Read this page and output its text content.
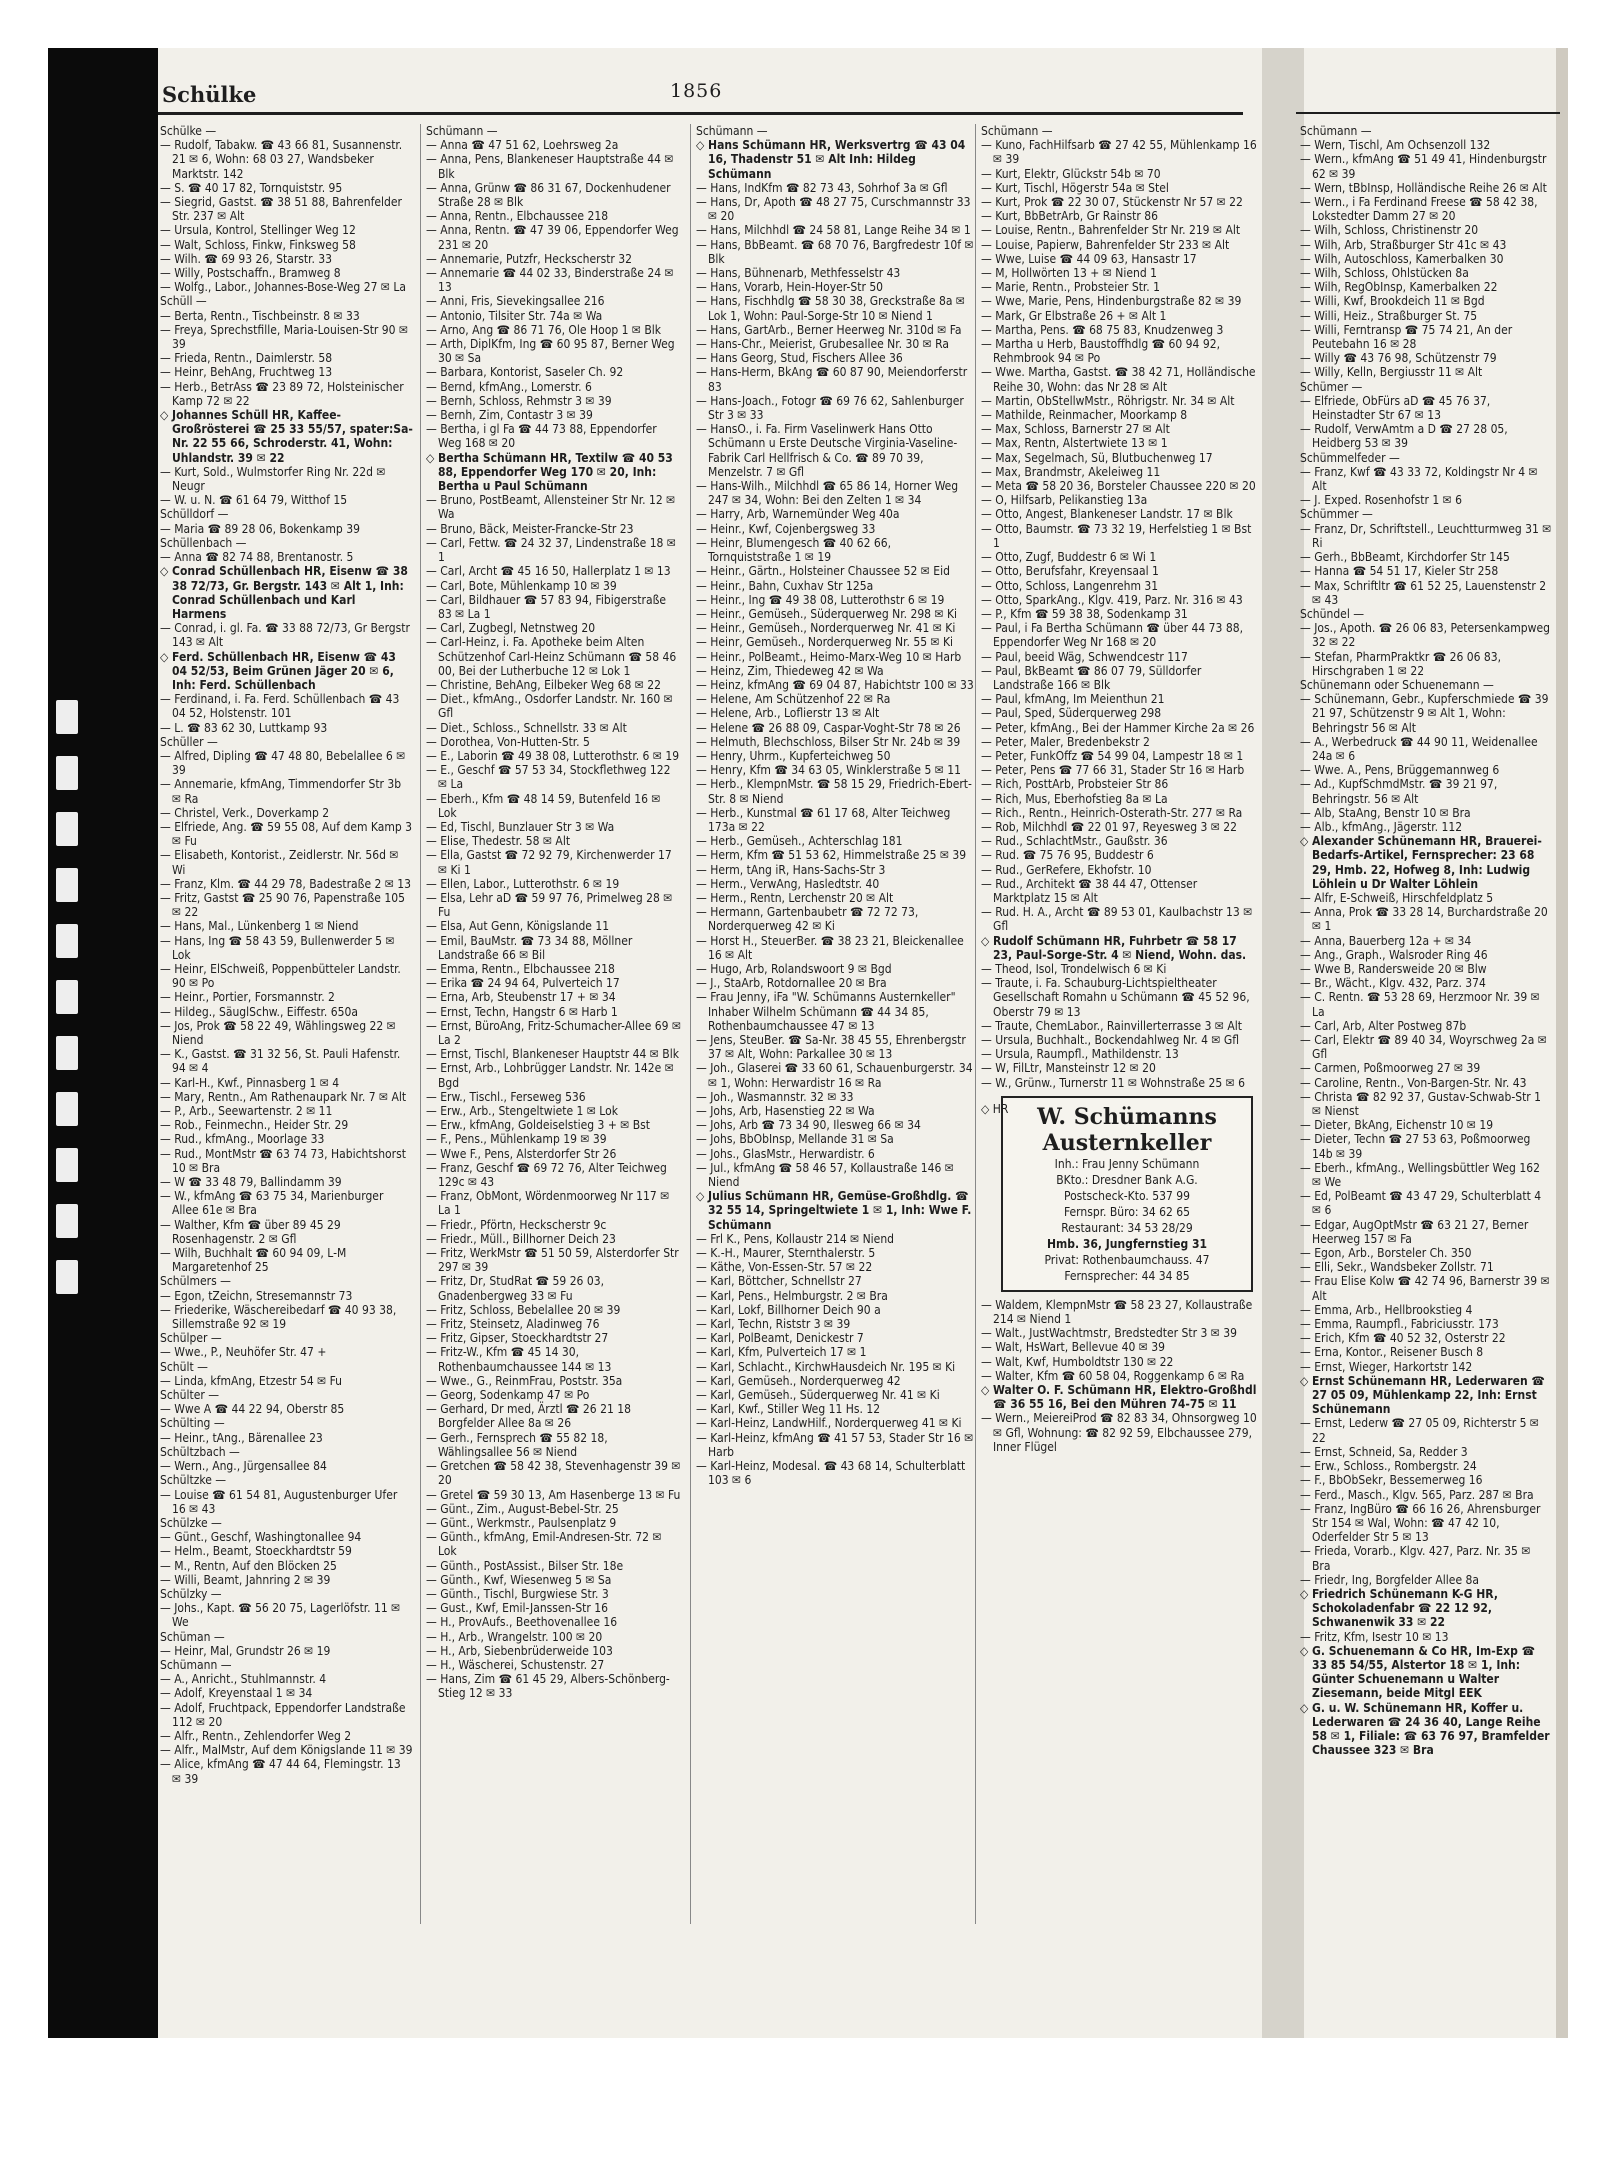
Schülke	1856
Schülke —
— Rudolf, Tabakw. ☎ 43 66 81, Susannenstr. 21 ✉ 6, Wohn: 68 03 27, Wandsbeker Marktstr. 142
— S. ☎ 40 17 82, Tornquiststr. 95
— Siegrid, Gastst. ☎ 38 51 88, Bahrenfelder Str. 237 ✉ Alt
— Ursula, Kontrol, Stellinger Weg 12
— Walt, Schloss, Finkw, Finksweg 58
— Wilh. ☎ 69 93 26, Starstr. 33
— Willy, Postschaffn., Bramweg 8
— Wolfg., Labor., Johannes-Bose-Weg 27 ✉ La
Schüll —
— Berta, Rentn., Tischbeinstr. 8 ✉ 33
— Freya, Sprechstfille, Maria-Louisen-Str 90 ✉ 39
— Frieda, Rentn., Daimlerstr. 58
— Heinr, BehAng, Fruchtweg 13
— Herb., BetrAss ☎ 23 89 72, Holsteinischer Kamp 72 ✉ 22
◇ Johannes Schüll HR, Kaffee-Großrösterei ☎ 25 33 55/57, spater:Sa-Nr. 22 55 66, Schroderstr. 41, Wohn: Uhlandstr. 39 ✉ 22
— Kurt, Sold., Wulmstorfer Ring Nr. 22d ✉ Neugr
— W. u. N. ☎ 61 64 79, Witthof 15
Schülldorf —
— Maria ☎ 89 28 06, Bokenkamp 39
Schüllenbach —
— Anna ☎ 82 74 88, Brentanostr. 5
◇ Conrad Schüllenbach HR, Eisenw ☎ 38 38 72/73, Gr. Bergstr. 143 ✉ Alt 1, Inh: Conrad Schüllenbach und Karl Harmens
— Conrad, i. gl. Fa. ☎ 33 88 72/73, Gr Bergstr 143 ✉ Alt
◇ Ferd. Schüllenbach HR, Eisenw ☎ 43 04 52/53, Beim Grünen Jäger 20 ✉ 6, Inh: Ferd. Schüllenbach
— Ferdinand, i. Fa. Ferd. Schüllenbach ☎ 43 04 52, Holstenstr. 101
— L. ☎ 83 62 30, Luttkamp 93
Schüller —
— Alfred, Dipling ☎ 47 48 80, Bebelallee 6 ✉ 39
— Annemarie, kfmAng, Timmendorfer Str 3b ✉ Ra
— Christel, Verk., Doverkamp 2
— Elfriede, Ang. ☎ 59 55 08, Auf dem Kamp 3 ✉ Fu
— Elisabeth, Kontorist., Zeidlerstr. Nr. 56d ✉ Wi
— Franz, Klm. ☎ 44 29 78, Badestraße 2 ✉ 13
— Fritz, Gastst ☎ 25 90 76, Papenstraße 105 ✉ 22
— Hans, Mal., Lünkenberg 1 ✉ Niend
— Hans, Ing ☎ 58 43 59, Bullenwerder 5 ✉ Lok
— Heinr, ElSchweiß, Poppenbütteler Landstr. 90 ✉ Po
— Heinr., Portier, Forsmannstr. 2
— Hildeg., SäuglSchw., Eiffestr. 650a
— Jos, Prok ☎ 58 22 49, Wählingsweg 22 ✉ Niend
— K., Gastst. ☎ 31 32 56, St. Pauli Hafenstr. 94 ✉ 4
— Karl-H., Kwf., Pinnasberg 1 ✉ 4
— Mary, Rentn., Am Rathenaupark Nr. 7 ✉ Alt
— P., Arb., Seewartenstr. 2 ✉ 11
— Rob., Feinmechn., Heider Str. 29
— Rud., kfmAng., Moorlage 33
— Rud., MontMstr ☎ 63 74 73, Habichtshorst 10 ✉ Bra
— W ☎ 33 48 79, Ballindamm 39
— W., kfmAng ☎ 63 75 34, Marienburger Allee 61e ✉ Bra
— Walther, Kfm ☎ über 89 45 29 Rosenhagenstr. 2 ✉ Gfl
— Wilh, Buchhalt ☎ 60 94 09, L-M Margaretenhof 25
Schülmers —
— Egon, tZeichn, Stresemannstr 73
— Friederike, Wäschereibedarf ☎ 40 93 38, Sillemstraße 92 ✉ 19
Schülper —
— Wwe., P., Neuhöfer Str. 47 +
Schült —
— Linda, kfmAng, Etzestr 54 ✉ Fu
Schülter —
— Wwe A ☎ 44 22 94, Oberstr 85
Schülting —
— Heinr., tAng., Bärenallee 23
Schültzbach —
— Wern., Ang., Jürgensallee 84
Schültzke —
— Louise ☎ 61 54 81, Augustenburger Ufer 16 ✉ 43
Schülzke —
— Günt., Geschf, Washingtonallee 94
— Helm., Beamt, Stoeckhardtstr 59
— M., Rentn, Auf den Blöcken 25
— Willi, Beamt, Jahnring 2 ✉ 39
Schülzky —
— Johs., Kapt. ☎ 56 20 75, Lagerlöfstr. 11 ✉ We
Schüman —
— Heinr, Mal, Grundstr 26 ✉ 19
Schümann —
— A., Anricht., Stuhlmannstr. 4
— Adolf, Kreyenstaal 1 ✉ 34
— Adolf, Fruchtpack, Eppendorfer Landstraße 112 ✉ 20
— Alfr., Rentn., Zehlendorfer Weg 2
— Alfr., MalMstr, Auf dem Königslande 11 ✉ 39
— Alice, kfmAng ☎ 47 44 64, Flemingstr. 13 ✉ 39
Schümann —
— Anna ☎ 47 51 62, Loehrsweg 2a
— Anna, Pens, Blankeneser Hauptstraße 44 ✉ Blk
— Anna, Grünw ☎ 86 31 67, Dockenhudener Straße 28 ✉ Blk
— Anna, Rentn., Elbchaussee 218
— Anna, Rentn. ☎ 47 39 06, Eppendorfer Weg 231 ✉ 20
— Annemarie, Putzfr, Heckscherstr 32
— Annemarie ☎ 44 02 33, Binderstraße 24 ✉ 13
— Anni, Fris, Sievekingsallee 216
— Antonio, Tilsiter Str. 74a ✉ Wa
— Arno, Ang ☎ 86 71 76, Ole Hoop 1 ✉ Blk
— Arth, DiplKfm, Ing ☎ 60 95 87, Berner Weg 30 ✉ Sa
— Barbara, Kontorist, Saseler Ch. 92
— Bernd, kfmAng., Lomerstr. 6
— Bernh, Schloss, Rehmstr 3 ✉ 39
— Bernh, Zim, Contastr 3 ✉ 39
— Bertha, i gl Fa ☎ 44 73 88, Eppendorfer Weg 168 ✉ 20
◇ Bertha Schümann HR, Textilw ☎ 40 53 88, Eppendorfer Weg 170 ✉ 20, Inh: Bertha u Paul Schümann
— Bruno, PostBeamt, Allensteiner Str Nr. 12 ✉ Wa
— Bruno, Bäck, Meister-Francke-Str 23
— Carl, Fettw. ☎ 24 32 37, Lindenstraße 18 ✉ 1
— Carl, Archt ☎ 45 16 50, Hallerplatz 1 ✉ 13
— Carl, Bote, Mühlenkamp 10 ✉ 39
— Carl, Bildhauer ☎ 57 83 94, Fibigerstraße 83 ✉ La 1
— Carl, Zugbegl, Netnstweg 20
— Carl-Heinz, i. Fa. Apotheke beim Alten Schützenhof Carl-Heinz Schümann ☎ 58 46 00, Bei der Lutherbuche 12 ✉ Lok 1
— Christine, BehAng, Eilbeker Weg 68 ✉ 22
— Diet., kfmAng., Osdorfer Landstr. Nr. 160 ✉ Gfl
— Diet., Schloss., Schnellstr. 33 ✉ Alt
— Dorothea, Von-Hutten-Str. 5
— E., Laborin ☎ 49 38 08, Lutterothstr. 6 ✉ 19
— E., Geschf ☎ 57 53 34, Stockflethweg 122 ✉ La
— Eberh., Kfm ☎ 48 14 59, Butenfeld 16 ✉ Lok
— Ed, Tischl, Bunzlauer Str 3 ✉ Wa
— Elise, Thedestr. 58 ✉ Alt
— Ella, Gastst ☎ 72 92 79, Kirchenwerder 17 ✉ Ki 1
— Ellen, Labor., Lutterothstr. 6 ✉ 19
— Elsa, Lehr aD ☎ 59 97 76, Primelweg 28 ✉ Fu
— Elsa, Aut Genn, Königslande 11
— Emil, BauMstr. ☎ 73 34 88, Möllner Landstraße 66 ✉ Bil
— Emma, Rentn., Elbchaussee 218
— Erika ☎ 24 94 64, Pulverteich 17
— Erna, Arb, Steubenstr 17 + ✉ 34
— Ernst, Techn, Hangstr 6 ✉ Harb 1
— Ernst, BüroAng, Fritz-Schumacher-Allee 69 ✉ La 2
— Ernst, Tischl, Blankeneser Hauptstr 44 ✉ Blk
— Ernst, Arb., Lohbrügger Landstr. Nr. 142e ✉ Bgd
— Erw., Tischl., Ferseweg 536
— Erw., Arb., Stengeltwiete 1 ✉ Lok
— Erw., kfmAng, Goldeiselstieg 3 + ✉ Bst
— F., Pens., Mühlenkamp 19 ✉ 39
— Wwe F., Pens, Alsterdorfer Str 26
— Franz, Geschf ☎ 69 72 76, Alter Teichweg 129c ✉ 43
— Franz, ObMont, Wördenmoorweg Nr 117 ✉ La 1
— Friedr., Pförtn, Heckscherstr 9c
— Friedr., Müll., Billhorner Deich 23
— Fritz, WerkMstr ☎ 51 50 59, Alsterdorfer Str 297 ✉ 39
— Fritz, Dr, StudRat ☎ 59 26 03, Gnadenbergweg 33 ✉ Fu
— Fritz, Schloss, Bebelallee 20 ✉ 39
— Fritz, Steinsetz, Aladinweg 76
— Fritz, Gipser, Stoeckhardtstr 27
— Fritz-W., Kfm ☎ 45 14 30, Rothenbaumchaussee 144 ✉ 13
— Wwe., G., ReinmFrau, Poststr. 35a
— Georg, Sodenkamp 47 ✉ Po
— Gerhard, Dr med, Ärztl ☎ 26 21 18 Borgfelder Allee 8a ✉ 26
— Gerh., Fernsprech ☎ 55 82 18, Wählingsallee 56 ✉ Niend
— Gretchen ☎ 58 42 38, Stevenhagenstr 39 ✉ 20
— Gretel ☎ 59 30 13, Am Hasenberge 13 ✉ Fu
— Günt., Zim., August-Bebel-Str. 25
— Günt., Werkmstr., Paulsenplatz 9
— Günth., kfmAng, Emil-Andresen-Str. 72 ✉ Lok
— Günth., PostAssist., Bilser Str. 18e
— Günth., Kwf, Wiesenweg 5 ✉ Sa
— Günth., Tischl, Burgwiese Str. 3
— Gust., Kwf, Emil-Janssen-Str 16
— H., ProvAufs., Beethovenallee 16
— H., Arb., Wrangelstr. 100 ✉ 20
— H., Arb, Siebenbrüderweide 103
— H., Wäscherei, Schustenstr. 27
— Hans, Zim ☎ 61 45 29, Albers-Schönberg-Stieg 12 ✉ 33
Schümann —
◇ Hans Schümann HR, Werksvertrg ☎ 43 04 16, Thadenstr 51 ✉ Alt Inh: Hildeg Schümann
— Hans, IndKfm ☎ 82 73 43, Sohrhof 3a ✉ Gfl
— Hans, Dr, Apoth ☎ 48 27 75, Curschmannstr 33 ✉ 20
— Hans, Milchhdl ☎ 24 58 81, Lange Reihe 34 ✉ 1
— Hans, BbBeamt. ☎ 68 70 76, Bargfredestr 10f ✉ Blk
— Hans, Bühnenarb, Methfesselstr 43
— Hans, Vorarb, Hein-Hoyer-Str 50
— Hans, Fischhdlg ☎ 58 30 38, Greckstraße 8a ✉ Lok 1, Wohn: Paul-Sorge-Str 10 ✉ Niend 1
— Hans, GartArb., Berner Heerweg Nr. 310d ✉ Fa
— Hans-Chr., Meierist, Grubesallee Nr. 30 ✉ Ra
— Hans Georg, Stud, Fischers Allee 36
— Hans-Herm, BkAng ☎ 60 87 90, Meiendorferstr 83
— Hans-Joach., Fotogr ☎ 69 76 62, Sahlenburger Str 3 ✉ 33
— HansO., i. Fa. Firm Vaselinwerk Hans Otto Schümann u Erste Deutsche Virginia-Vaseline-Fabrik Carl Hellfrisch & Co. ☎ 89 70 39, Menzelstr. 7 ✉ Gfl
— Hans-Wilh., Milchhdl ☎ 65 86 14, Horner Weg 247 ✉ 34, Wohn: Bei den Zelten 1 ✉ 34
— Harry, Arb, Warnemünder Weg 40a
— Heinr., Kwf, Cojenbergsweg 33
— Heinr, Blumengesch ☎ 40 62 66, Tornquiststraße 1 ✉ 19
— Heinr., Gärtn., Holsteiner Chaussee 52 ✉ Eid
— Heinr., Bahn, Cuxhav Str 125a
— Heinr., Ing ☎ 49 38 08, Lutterothstr 6 ✉ 19
— Heinr., Gemüseh., Süderquerweg Nr. 298 ✉ Ki
— Heinr., Gemüseh., Norderquerweg Nr. 41 ✉ Ki
— Heinr, Gemüseh., Norderquerweg Nr. 55 ✉ Ki
— Heinr., PolBeamt., Heimo-Marx-Weg 10 ✉ Harb
— Heinz, Zim, Thiedeweg 42 ✉ Wa
— Heinz, kfmAng ☎ 69 04 87, Habichtstr 100 ✉ 33
— Helene, Am Schützenhof 22 ✉ Ra
— Helene, Arb., Loflierstr 13 ✉ Alt
— Helene ☎ 26 88 09, Caspar-Voght-Str 78 ✉ 26
— Helmuth, Blechschloss, Bilser Str Nr. 24b ✉ 39
— Henry, Uhrm., Kupferteichweg 50
— Henry, Kfm ☎ 34 63 05, Winklerstraße 5 ✉ 11
— Herb., KlempnMstr. ☎ 58 15 29, Friedrich-Ebert-Str. 8 ✉ Niend
— Herb., Kunstmal ☎ 61 17 68, Alter Teichweg 173a ✉ 22
— Herb., Gemüseh., Achterschlag 181
— Herm, Kfm ☎ 51 53 62, Himmelstraße 25 ✉ 39
— Herm, tAng iR, Hans-Sachs-Str 3
— Herm., VerwAng, Hasledtstr. 40
— Herm., Rentn, Lerchenstr 20 ✉ Alt
— Hermann, Gartenbaubetr ☎ 72 72 73, Norderquerweg 42 ✉ Ki
— Horst H., SteuerBer. ☎ 38 23 21, Bleickenallee 16 ✉ Alt
— Hugo, Arb, Rolandswoort 9 ✉ Bgd
— J., StaArb, Rotdornallee 20 ✉ Bra
— Frau Jenny, iFa "W. Schümanns Austernkeller" Inhaber Wilhelm Schümann ☎ 44 34 85, Rothenbaumchaussee 47 ✉ 13
— Jens, SteuBer. ☎ Sa-Nr. 38 45 55, Ehrenbergstr 37 ✉ Alt, Wohn: Parkallee 30 ✉ 13
— Joh., Glaserei ☎ 33 60 61, Schauenburgerstr. 34 ✉ 1, Wohn: Herwardistr 16 ✉ Ra
— Joh., Wasmannstr. 32 ✉ 33
— Johs, Arb, Hasenstieg 22 ✉ Wa
— Johs, Arb ☎ 73 34 90, Ilesweg 66 ✉ 34
— Johs, BbObInsp, Mellande 31 ✉ Sa
— Johs., GlasMstr., Herwardistr. 6
— Jul., kfmAng ☎ 58 46 57, Kollaustraße 146 ✉ Niend
◇ Julius Schümann HR, Gemüse-Großhdlg. ☎ 32 55 14, Springeltwiete 1 ✉ 1, Inh: Wwe F. Schümann
— Frl K., Pens, Kollaustr 214 ✉ Niend
— K.-H., Maurer, Sternthalerstr. 5
— Käthe, Von-Essen-Str. 57 ✉ 22
— Karl, Böttcher, Schnellstr 27
— Karl, Pens., Helmburgstr. 2 ✉ Bra
— Karl, Lokf, Billhorner Deich 90 a
— Karl, Techn, Riststr 3 ✉ 39
— Karl, PolBeamt, Denickestr 7
— Karl, Kfm, Pulverteich 17 ✉ 1
— Karl, Schlacht., KirchwHausdeich Nr. 195 ✉ Ki
— Karl, Gemüseh., Norderquerweg 42
— Karl, Gemüseh., Süderquerweg Nr. 41 ✉ Ki
— Karl, Kwf., Stiller Weg 11 Hs. 12
— Karl-Heinz, LandwHilf., Norderquerweg 41 ✉ Ki
— Karl-Heinz, kfmAng ☎ 41 57 53, Stader Str 16 ✉ Harb
— Karl-Heinz, Modesal. ☎ 43 68 14, Schulterblatt 103 ✉ 6
Schümann —
— Kuno, FachHilfsarb ☎ 27 42 55, Mühlenkamp 16 ✉ 39
— Kurt, Elektr, Glückstr 54b ✉ 70
— Kurt, Tischl, Högerstr 54a ✉ Stel
— Kurt, Prok ☎ 22 30 07, Stückenstr Nr 57 ✉ 22
— Kurt, BbBetrArb, Gr Rainstr 86
— Louise, Rentn., Bahrenfelder Str Nr. 219 ✉ Alt
— Louise, Papierw, Bahrenfelder Str 233 ✉ Alt
— Wwe, Luise ☎ 44 09 63, Hansastr 17
— M, Hollwörten 13 + ✉ Niend 1
— Marie, Rentn., Probsteier Str. 1
— Wwe, Marie, Pens, Hindenburgstraße 82 ✉ 39
— Mark, Gr Elbstraße 26 + ✉ Alt 1
— Martha, Pens. ☎ 68 75 83, Knudzenweg 3
— Martha u Herb, Baustoffhdlg ☎ 60 94 92, Rehmbrook 94 ✉ Po
— Wwe. Martha, Gastst. ☎ 38 42 71, Holländische Reihe 30, Wohn: das Nr 28 ✉ Alt
— Martin, ObStellwMstr., Röhrigstr. Nr. 34 ✉ Alt
— Mathilde, Reinmacher, Moorkamp 8
— Max, Schloss, Barnerstr 27 ✉ Alt
— Max, Rentn, Alstertwiete 13 ✉ 1
— Max, Segelmach, Sü, Blutbuchenweg 17
— Max, Brandmstr, Akeleiweg 11
— Meta ☎ 58 20 36, Borsteler Chaussee 220 ✉ 20
— O, Hilfsarb, Pelikanstieg 13a
— Otto, Angest, Blankeneser Landstr. 17 ✉ Blk
— Otto, Baumstr. ☎ 73 32 19, Herfelstieg 1 ✉ Bst 1
— Otto, Zugf, Buddestr 6 ✉ Wi 1
— Otto, Berufsfahr, Kreyensaal 1
— Otto, Schloss, Langenrehm 31
— Otto, SparkAng., Klgv. 419, Parz. Nr. 316 ✉ 43
— P., Kfm ☎ 59 38 38, Sodenkamp 31
— Paul, i Fa Bertha Schümann ☎ über 44 73 88, Eppendorfer Weg Nr 168 ✉ 20
— Paul, beeid Wäg, Schwendcestr 117
— Paul, BkBeamt ☎ 86 07 79, Sülldorfer Landstraße 166 ✉ Blk
— Paul, kfmAng, Im Meienthun 21
— Paul, Sped, Süderquerweg 298
— Peter, kfmAng., Bei der Hammer Kirche 2a ✉ 26
— Peter, Maler, Bredenbekstr 2
— Peter, FunkOffz ☎ 54 99 04, Lampestr 18 ✉ 1
— Peter, Pens ☎ 77 66 31, Stader Str 16 ✉ Harb
— Rich, PosttArb, Probsteier Str 86
— Rich, Mus, Eberhofstieg 8a ✉ La
— Rich., Rentn., Heinrich-Osterath-Str. 277 ✉ Ra
— Rob, Milchhdl ☎ 22 01 97, Reyesweg 3 ✉ 22
— Rud., SchlachtMstr., Gaußstr. 36
— Rud. ☎ 75 76 95, Buddestr 6
— Rud., GerRefere, Ekhofstr. 10
— Rud., Architekt ☎ 38 44 47, Ottenser Marktplatz 15 ✉ Alt
— Rud. H. A., Archt ☎ 89 53 01, Kaulbachstr 13 ✉ Gfl
◇ Rudolf Schümann HR, Fuhrbetr ☎ 58 17 23, Paul-Sorge-Str. 4 ✉ Niend, Wohn. das.
— Theod, Isol, Trondelwisch 6 ✉ Ki
— Traute, i. Fa. Schauburg-Lichtspieltheater Gesellschaft Romahn u Schümann ☎ 45 52 96, Oberstr 79 ✉ 13
— Traute, ChemLabor., Rainvillerterrasse 3 ✉ Alt
— Ursula, Buchhalt., Bockendahlweg Nr. 4 ✉ Gfl
— Ursula, Raumpfl., Mathildenstr. 13
— W, FilLtr, Mansteinstr 12 ✉ 20
— W., Grünw., Turnerstr 11 ✉ Wohnstraße 25 ✉ 6
◇ HR	W. Schümanns
Austernkeller
Inh.: Frau Jenny Schümann
BKto.: Dresdner Bank A.G.
Postscheck-Kto. 537 99
Fernspr. Büro: 34 62 65
Restaurant: 34 53 28/29
Hmb. 36, Jungfernstieg 31
Privat: Rothenbaumchauss. 47
Fernsprecher: 44 34 85
— Waldem, KlempnMstr ☎ 58 23 27, Kollaustraße 214 ✉ Niend 1
— Walt., JustWachtmstr, Bredstedter Str 3 ✉ 39
— Walt, HsWart, Bellevue 40 ✉ 39
— Walt, Kwf, Humboldtstr 130 ✉ 22
— Walter, Kfm ☎ 60 58 04, Roggenkamp 6 ✉ Ra
◇ Walter O. F. Schümann HR, Elektro-Großhdl ☎ 36 55 16, Bei den Mühren 74-75 ✉ 11
— Wern., MeiereiProd ☎ 82 83 34, Ohnsorgweg 10 ✉ Gfl, Wohnung: ☎ 82 92 59, Elbchaussee 279, Inner Flügel
Schümann —
— Wern, Tischl, Am Ochsenzoll 132
— Wern., kfmAng ☎ 51 49 41, Hindenburgstr 62 ✉ 39
— Wern, tBbInsp, Holländische Reihe 26 ✉ Alt
— Wern., i Fa Ferdinand Freese ☎ 58 42 38, Lokstedter Damm 27 ✉ 20
— Wilh, Schloss, Christinenstr 20
— Wilh, Arb, Straßburger Str 41c ✉ 43
— Wilh, Autoschloss, Kamerbalken 30
— Wilh, Schloss, Ohlstücken 8a
— Wilh, RegObInsp, Kamerbalken 22
— Willi, Kwf, Brookdeich 11 ✉ Bgd
— Willi, Heiz., Straßburger St. 75
— Willi, Ferntransp ☎ 75 74 21, An der Peutebahn 16 ✉ 28
— Willy ☎ 43 76 98, Schützenstr 79
— Willy, Kelln, Bergiusstr 11 ✉ Alt
Schümer —
— Elfriede, ObFürs aD ☎ 45 76 37, Heinstadter Str 67 ✉ 13
— Rudolf, VerwAmtm a D ☎ 27 28 05, Heidberg 53 ✉ 39
Schümmelfeder —
— Franz, Kwf ☎ 43 33 72, Koldingstr Nr 4 ✉ Alt
— J. Exped. Rosenhofstr 1 ✉ 6
Schümmer —
— Franz, Dr, Schriftstell., Leuchtturmweg 31 ✉ Ri
— Gerh., BbBeamt, Kirchdorfer Str 145
— Hanna ☎ 54 51 17, Kieler Str 258
— Max, Schriftltr ☎ 61 52 25, Lauenstenstr 2 ✉ 43
Schündel —
— Jos., Apoth. ☎ 26 06 83, Petersenkampweg 32 ✉ 22
— Stefan, PharmPraktkr ☎ 26 06 83, Hirschgraben 1 ✉ 22
Schünemann oder Schuenemann —
— Schünemann, Gebr., Kupferschmiede ☎ 39 21 97, Schützenstr 9 ✉ Alt 1, Wohn: Behringstr 56 ✉ Alt
— A., Werbedruck ☎ 44 90 11, Weidenallee 24a ✉ 6
— Wwe. A., Pens, Brüggemannweg 6
— Ad., KupfSchmdMstr. ☎ 39 21 97, Behringstr. 56 ✉ Alt
— Alb, StaAng, Benstr 10 ✉ Bra
— Alb., kfmAng., Jägerstr. 112
◇ Alexander Schünemann HR, Brauerei-Bedarfs-Artikel, Fernsprecher: 23 68 29, Hmb. 22, Hofweg 8, Inh: Ludwig Löhlein u Dr Walter Löhlein
— Alfr, E-Schweiß, Hirschfeldplatz 5
— Anna, Prok ☎ 33 28 14, Burchardstraße 20 ✉ 1
— Anna, Bauerberg 12a + ✉ 34
— Ang., Graph., Walsroder Ring 46
— Wwe B, Randersweide 20 ✉ Blw
— Br., Wächt., Klgv. 432, Parz. 374
— C. Rentn. ☎ 53 28 69, Herzmoor Nr. 39 ✉ La
— Carl, Arb, Alter Postweg 87b
— Carl, Elektr ☎ 89 40 34, Woyrschweg 2a ✉ Gfl
— Carmen, Poßmoorweg 27 ✉ 39
— Caroline, Rentn., Von-Bargen-Str. Nr. 43
— Christa ☎ 82 92 37, Gustav-Schwab-Str 1 ✉ Nienst
— Dieter, BkAng, Eichenstr 10 ✉ 19
— Dieter, Techn ☎ 27 53 63, Poßmoorweg 14b ✉ 39
— Eberh., kfmAng., Wellingsbüttler Weg 162 ✉ We
— Ed, PolBeamt ☎ 43 47 29, Schulterblatt 4 ✉ 6
— Edgar, AugOptMstr ☎ 63 21 27, Berner Heerweg 157 ✉ Fa
— Egon, Arb., Borsteler Ch. 350
— Elli, Sekr., Wandsbeker Zollstr. 71
— Frau Elise Kolw ☎ 42 74 96, Barnerstr 39 ✉ Alt
— Emma, Arb., Hellbrookstieg 4
— Emma, Raumpfl., Fabriciusstr. 173
— Erich, Kfm ☎ 40 52 32, Osterstr 22
— Erna, Kontor., Reisener Busch 8
— Ernst, Wieger, Harkortstr 142
◇ Ernst Schünemann HR, Lederwaren ☎ 27 05 09, Mühlenkamp 22, Inh: Ernst Schünemann
— Ernst, Lederw ☎ 27 05 09, Richterstr 5 ✉ 22
— Ernst, Schneid, Sa, Redder 3
— Erw., Schloss., Rombergstr. 24
— F., BbObSekr, Bessemerweg 16
— Ferd., Masch., Klgv. 565, Parz. 287 ✉ Bra
— Franz, IngBüro ☎ 66 16 26, Ahrensburger Str 154 ✉ Wal, Wohn: ☎ 47 42 10, Oderfelder Str 5 ✉ 13
— Frieda, Vorarb., Klgv. 427, Parz. Nr. 35 ✉ Bra
— Friedr, Ing, Borgfelder Allee 8a
◇ Friedrich Schünemann K-G HR, Schokoladenfabr ☎ 22 12 92, Schwanenwik 33 ✉ 22
— Fritz, Kfm, Isestr 10 ✉ 13
◇ G. Schuenemann & Co HR, Im-Exp ☎ 33 85 54/55, Alstertor 18 ✉ 1, Inh: Günter Schuenemann u Walter Ziesemann, beide Mitgl EEK
◇ G. u. W. Schünemann HR, Koffer u. Lederwaren ☎ 24 36 40, Lange Reihe 58 ✉ 1, Filiale: ☎ 63 76 97, Bramfelder Chaussee 323 ✉ Bra
